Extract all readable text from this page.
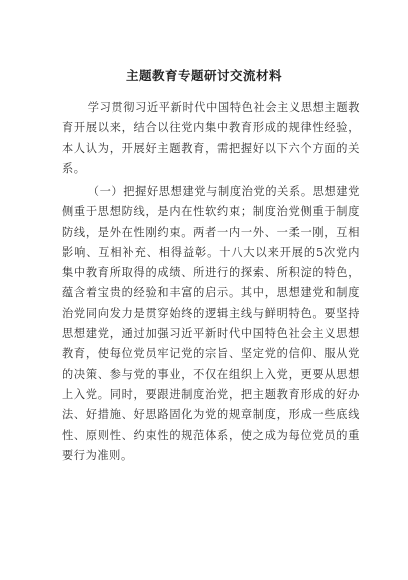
主题教育专题研讨交流材料

学习贯彻习近平新时代中国特色社会主义思想主题教育开展以来，结合以往党内集中教育形成的规律性经验，本人认为，开展好主题教育，需把握好以下六个方面的关系。

（一）把握好思想建党与制度治党的关系。思想建党侧重于思想防线，是内在性软约束；制度治党侧重于制度防线，是外在性刚约束。两者一内一外、一柔一刚，互相影响、互相补充、相得益彰。十八大以来开展的5次党内集中教育所取得的成绩、所进行的探索、所积淀的特色，蕴含着宝贵的经验和丰富的启示。其中，思想建党和制度治党同向发力是贯穿始终的逻辑主线与鲜明特色。要坚持思想建党，通过加强习近平新时代中国特色社会主义思想教育，使每位党员牢记党的宗旨、坚定党的信仰、服从党的决策、参与党的事业，不仅在组织上入党，更要从思想上入党。同时，要跟进制度治党，把主题教育形成的好办法、好措施、好思路固化为党的规章制度，形成一些底线性、原则性、约束性的规范体系，使之成为每位党员的重要行为准则。
